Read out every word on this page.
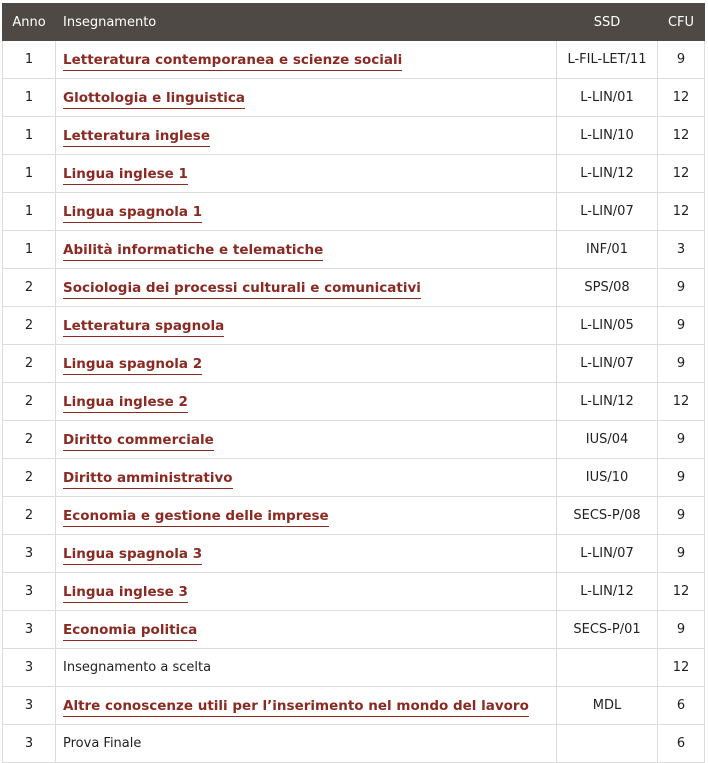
Anno	Insegnamento	SSD	CFU
1	Letteratura contemporanea e scienze sociali	L-FIL-LET/11	9
1	Glottologia e linguistica	L-LIN/01	12
1	Letteratura inglese	L-LIN/10	12
1	Lingua inglese 1	L-LIN/12	12
1	Lingua spagnola 1	L-LIN/07	12
1	Abilità informatiche e telematiche	INF/01	3
2	Sociologia dei processi culturali e comunicativi	SPS/08	9
2	Letteratura spagnola	L-LIN/05	9
2	Lingua spagnola 2	L-LIN/07	9
2	Lingua inglese 2	L-LIN/12	12
2	Diritto commerciale	IUS/04	9
2	Diritto amministrativo	IUS/10	9
2	Economia e gestione delle imprese	SECS-P/08	9
3	Lingua spagnola 3	L-LIN/07	9
3	Lingua inglese 3	L-LIN/12	12
3	Economia politica	SECS-P/01	9
3	Insegnamento a scelta		12
3	Altre conoscenze utili per l’inserimento nel mondo del lavoro	MDL	6
3	Prova Finale		6
